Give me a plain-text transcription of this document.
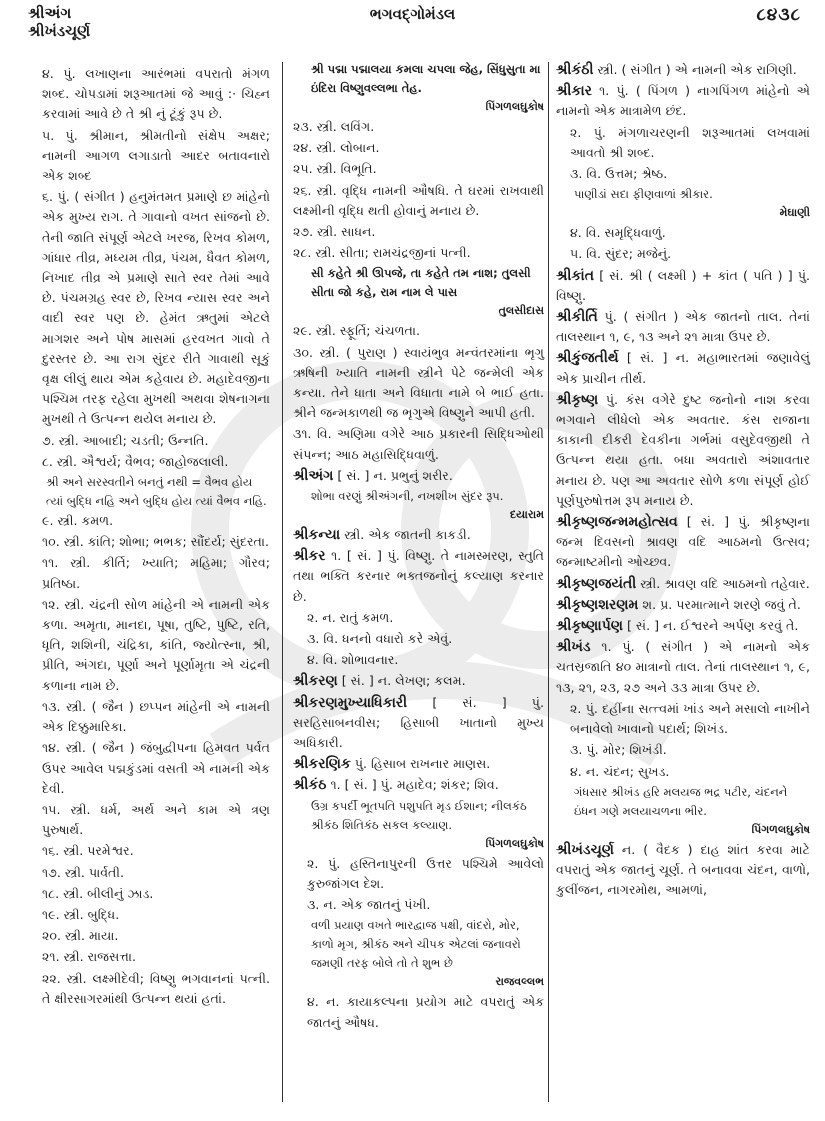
શ્રીઅંગ
શ્રીખંડચૂર્ણ
ભગવદ્ગોમંડલ	૮૪૩૮

૪. પું. લખાણના આરંભમાં વપરાતો મંગળ શબ્દ. ચોપડામાં શરૂઆતમાં જે આવું :· ચિહ્ન કરવામાં આવે છે તે શ્રી નું ટૂંકું રૂપ છે.

૫. પું. શ્રીમાન, શ્રીમતીનો સંક્ષેપ અક્ષર; નામની આગળ લગાડાતો આદર બતાવનારો એક શબ્દ

૬. પું. ( સંગીત ) હનુમંતમત પ્રમાણે છ માંહેનો એક મુખ્ય રાગ. તે ગાવાનો વખત સાંજનો છે. તેની જાતિ સંપૂર્ણ એટલે ખરજ, રિખવ કોમળ, ગાંધાર તીવ્ર, મધ્યમ તીવ્ર, પંચમ, ધૈવત કોમળ, નિખાદ તીવ્ર એ પ્રમાણે સાતે સ્વર તેમાં આવે છે. પંચમગ્રહ સ્વર છે, રિખવ ન્યાસ સ્વર અને વાદી સ્વર પણ છે. હેમંત ઋતુમાં એટલે માગશર અને પોષ માસમાં હરવખત ગાવો તે દુરસ્તર છે. આ રાગ સુંદર રીતે ગાવાથી સૂકું વૃક્ષ લીલું થાય એમ કહેવાય છે. મહાદેવજીના પશ્ચિમ તરફ રહેલા મુખથી અથવા શેષનાગના મુખથી તે ઉત્પન્ન થયેલ મનાય છે.

૭. સ્ત્રી. આબાદી; ચડતી; ઉન્નતિ.

૮. સ્ત્રી. ઐશ્વર્ય; વૈભવ; જાહોજલાલી.

શ્રી અને સરસ્વતીને બનતું નથી = વૈભવ હોય ત્યાં બુદ્ધિ નહિ અને બુદ્ધિ હોય ત્યાં વૈભવ નહિ.

૯. સ્ત્રી. કમળ.

૧૦. સ્ત્રી. કાંતિ; શોભા; ભભક; સૌંદર્ય; સુંદરતા.

૧૧. સ્ત્રી. કીર્તિ; ખ્યાતિ; મહિમા; ગૌરવ; પ્રતિષ્ઠા.

૧૨. સ્ત્રી. ચંદ્રની સોળ માંહેની એ નામની એક કળા. અમૃતા, માનદા, પૂષા, તુષ્ટિ, પુષ્ટિ, રતિ, ધૃતિ, શશિની, ચંદ્રિકા, કાંતિ, જ્યોત્સ્ના, શ્રી, પ્રીતિ, અંગદા, પૂર્ણા અને પૂર્ણામૃતા એ ચંદ્રની કળાના નામ છે.

૧૩. સ્ત્રી. ( જૈન ) છપ્પન માંહેની એ નામની એક દિક્કુમારિકા.

૧૪. સ્ત્રી. ( જૈન ) જંબુદ્વીપના હિમવત પર્વત ઉપર આવેલ પદ્મકુંડમાં વસતી એ નામની એક દેવી.

૧૫. સ્ત્રી. ધર્મ, અર્થ અને કામ એ ત્રણ પુરુષાર્થ.

૧૬. સ્ત્રી. પરમેશ્વર.

૧૭. સ્ત્રી. પાર્વતી.

૧૮. સ્ત્રી. બીલીનું ઝાડ.

૧૯. સ્ત્રી. બુદ્ધિ.

૨૦. સ્ત્રી. માયા.

૨૧. સ્ત્રી. રાજસત્તા.

૨૨. સ્ત્રી. લક્ષ્મીદેવી; વિષ્ણુ ભગવાનનાં પત્ની. તે ક્ષીરસાગરમાંથી ઉત્પન્ન થયાં હતાં.

શ્રી પદ્મા પદ્માલયા કમલા ચપલા જેહ, સિંધુસુતા મા ઇંદિરા વિષ્ણુવલ્લભા તેહ.

પિંગળલઘુકોષ

૨૩. સ્ત્રી. લવિંગ.

૨૪. સ્ત્રી. લોબાન.

૨૫. સ્ત્રી. વિભૂતિ.

૨૬. સ્ત્રી. વૃદ્ધિ નામની ઔષધિ. તે ઘરમાં રાખવાથી લક્ષ્મીની વૃદ્ધિ થતી હોવાનું મનાય છે.

૨૭. સ્ત્રી. સાધન.

૨૮. સ્ત્રી. સીતા; રામચંદ્રજીનાં પત્ની.

સી કહેતે શ્રી ઊપજે, તા કહેતે તમ નાશ; તુલસી સીતા જો કહે, રામ નામ લે પાસ

તુલસીદાસ

૨૯. સ્ત્રી. સ્ફૂર્તિ; ચંચળતા.

૩૦. સ્ત્રી. ( પુરાણ ) સ્વાયંભુવ મન્વંતરમાંના ભૃગુ ઋષિની ખ્યાતિ નામની સ્ત્રીને પેટે જન્મેલી એક કન્યા. તેને ધાતા અને વિધાતા નામે બે ભાઈ હતા. શ્રીને જન્મકાળથી જ ભૃગુએ વિષ્ણુને આપી હતી.

૩૧. વિ. અણિમા વગેરે આઠ પ્રકારની સિદ્ધિઓથી સંપન્ન; આઠ મહાસિદ્ધિવાળું.

શ્રીઅંગ [ સં. ] ન. પ્રભુનું શરીર.

શોભા વરણું શ્રીઅંગની, નખશીખ સુંદર રૂપ.

દયારામ

શ્રીકન્યા સ્ત્રી. એક જાતની કાકડી.

શ્રીકર ૧. [ સં. ] પું. વિષ્ણુ. તે નામસ્મરણ, સ્તુતિ તથા ભક્તિ કરનાર ભક્તજનોનું કલ્યાણ કરનાર છે.

૨. ન. રાતું કમળ.

૩. વિ. ધનનો વધારો કરે એવું.

૪. વિ. શોભાવનાર.

શ્રીકરણ [ સં. ] ન. લેખણ; કલમ.

શ્રીકરણમુખ્યાધિકારી [ સં. ] પું. સરહિસાબનવીસ; હિસાબી ખાતાનો મુખ્ય અધિકારી.

શ્રીકરણિક પું. હિસાબ રાખનાર માણસ.

શ્રીકંઠ ૧. [ સં. ] પું. મહાદેવ; શંકર; શિવ.

ઉગ્ર કપર્દી ભૂતપતિ પશુપતિ મૃડ ઈશાન; નીલકંઠ શ્રીકંઠ શિતિકંઠ સકલ કલ્યાણ.

પિંગળલઘુકોષ

૨. પું. હસ્તિનાપુરની ઉત્તર પશ્ચિમે આવેલો કુરુજાંગલ દેશ.

૩. ન. એક જાતનું પંખી.

વળી પ્રયાણ વખતે ભારદ્વાજ પક્ષી, વાંદરો, મોર, કાળો મૃગ, શ્રીકંઠ અને ચીપક એટલાં જનાવરો જમણી તરફ બોલે તો તે શુભ છે

રાજવલ્લભ

૪. ન. કાયાકલ્પના પ્રયોગ માટે વપરાતું એક જાતનું ઔષધ.

શ્રીકંઠી સ્ત્રી. ( સંગીત ) એ નામની એક રાગિણી.

શ્રીકાર ૧. પું. ( પિંગળ ) નાગપિંગળ માંહેનો એ નામનો એક માત્રામેળ છંદ.

૨. પું. મંગળાચરણની શરૂઆતમાં લખવામાં આવતો શ્રી શબ્દ.

૩. વિ. ઉત્તમ; શ્રેષ્ઠ.

પાણીડાં સદા ફીણવાળાં શ્રીકાર.

મેઘાણી

૪. વિ. સમૃદ્ધિવાળું.

૫. વિ. સુંદર; મજેનું.

શ્રીકાંત [ સં. શ્રી ( લક્ષ્મી ) + કાંત ( પતિ ) ] પું. વિષ્ણુ.

શ્રીકીર્તિ પું. ( સંગીત ) એક જાતનો તાલ. તેનાં તાલસ્થાન ૧, ૯, ૧૩ અને ૨૧ માત્રા ઉપર છે.

શ્રીકુંજતીર્થ [ સં. ] ન. મહાભારતમાં જણાવેલું એક પ્રાચીન તીર્થ.

શ્રીકૃષ્ણ પું. કંસ વગેરે દુષ્ટ જનોનો નાશ કરવા ભગવાને લીધેલો એક અવતાર. કંસ રાજાના કાકાની દીકરી દેવકીના ગર્ભમાં વસુદેવજીથી તે ઉત્પન્ન થયા હતા. બધા અવતારો અંશાવતાર મનાય છે. પણ આ અવતાર સોળે કળા સંપૂર્ણ હોઈ પૂર્ણપુરુષોત્તમ રૂપ મનાય છે.

શ્રીકૃષ્ણજન્મમહોત્સવ [ સં. ] પું. શ્રીકૃષ્ણના જન્મ દિવસનો શ્રાવણ વદિ આઠમનો ઉત્સવ; જન્માષ્ટમીનો ઓચ્છવ.

શ્રીકૃષ્ણજયંતી સ્ત્રી. શ્રાવણ વદિ આઠમનો તહેવાર.

શ્રીકૃષ્ણશરણમ શ. પ્ર. પરમાત્માને શરણે જવું તે.

શ્રીકૃષ્ણાર્પણ [ સં. ] ન. ઈશ્વરને અર્પણ કરવું તે.

શ્રીખંડ ૧. પું. ( સંગીત ) એ નામનો એક ચતસ્રજાતિ ૪૦ માત્રાનો તાલ. તેનાં તાલસ્થાન ૧, ૯, ૧૩, ૨૧, ૨૩, ૨૭ અને ૩૩ માત્રા ઉપર છે.

૨. પું. દહીંના સત્ત્વમાં ખાંડ અને મસાલો નાખીને બનાવેલો ખાવાનો પદાર્થ; શિખંડ.

૩. પું. મોર; શિખંડી.

૪. ન. ચંદન; સુખડ.

ગંધસાર શ્રીખંડ હરિ મલયજ ભદ્ર પટીર, ચંદનને ઇંધન ગણે મલયાચળના ભીર.

પિંગળલઘુકોષ

શ્રીખંડચૂર્ણ ન. ( વૈદક ) દાહ શાંત કરવા માટે વપરાતું એક જાતનું ચૂર્ણ. તે બનાવવા ચંદન, વાળો, કુલીંજન, નાગરમોથ, આમળાં,
